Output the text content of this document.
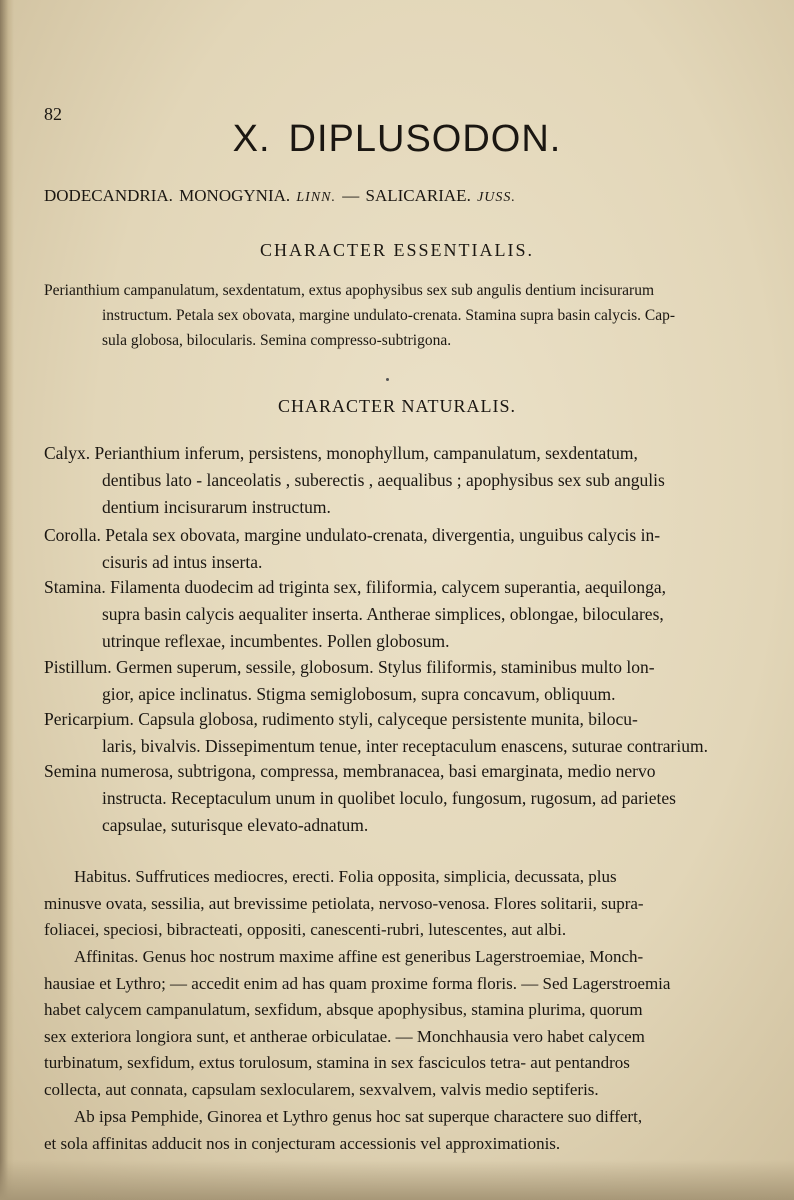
82
X. DIPLUSODON.
DODECANDRIA. MONOGYNIA. LINN. — SALICARIAE. JUSS.
CHARACTER ESSENTIALIS.
Perianthium campanulatum, sexdentatum, extus apophysibus sex sub angulis dentium incisurarum
instructum. Petala sex obovata, margine undulato-crenata. Stamina supra basin calycis. Cap-
sula globosa, bilocularis. Semina compresso-subtrigona.
CHARACTER NATURALIS.
Calyx. Perianthium inferum, persistens, monophyllum, campanulatum, sexdentatum,
dentibus lato - lanceolatis , suberectis , aequalibus ; apophysibus sex sub angulis
dentium incisurarum instructum.
Corolla. Petala sex obovata, margine undulato-crenata, divergentia, unguibus calycis in-
cisuris ad intus inserta.
Stamina. Filamenta duodecim ad triginta sex, filiformia, calycem superantia, aequilonga,
supra basin calycis aequaliter inserta. Antherae simplices, oblongae, biloculares,
utrinque reflexae, incumbentes. Pollen globosum.
Pistillum. Germen superum, sessile, globosum. Stylus filiformis, staminibus multo lon-
gior, apice inclinatus. Stigma semiglobosum, supra concavum, obliquum.
Pericarpium. Capsula globosa, rudimento styli, calyceque persistente munita, bilocu-
laris, bivalvis. Dissepimentum tenue, inter receptaculum enascens, suturae contrarium.
Semina numerosa, subtrigona, compressa, membranacea, basi emarginata, medio nervo
instructa. Receptaculum unum in quolibet loculo, fungosum, rugosum, ad parietes
capsulae, suturisque elevato-adnatum.
Habitus. Suffrutices mediocres, erecti. Folia opposita, simplicia, decussata, plus
minusve ovata, sessilia, aut brevissime petiolata, nervoso-venosa. Flores solitarii, supra-
foliacei, speciosi, bibracteati, oppositi, canescenti-rubri, lutescentes, aut albi.
Affinitas. Genus hoc nostrum maxime affine est generibus Lagerstroemiae, Monch-
hausiae et Lythro; — accedit enim ad has quam proxime forma floris. — Sed Lagerstroemia
habet calycem campanulatum, sexfidum, absque apophysibus, stamina plurima, quorum
sex exteriora longiora sunt, et antherae orbiculatae. — Monchhausia vero habet calycem
turbinatum, sexfidum, extus torulosum, stamina in sex fasciculos tetra- aut pentandros
collecta, aut connata, capsulam sexlocularem, sexvalvem, valvis medio septiferis.
Ab ipsa Pemphide, Ginorea et Lythro genus hoc sat superque charactere suo differt,
et sola affinitas adducit nos in conjecturam accessionis vel approximationis.
